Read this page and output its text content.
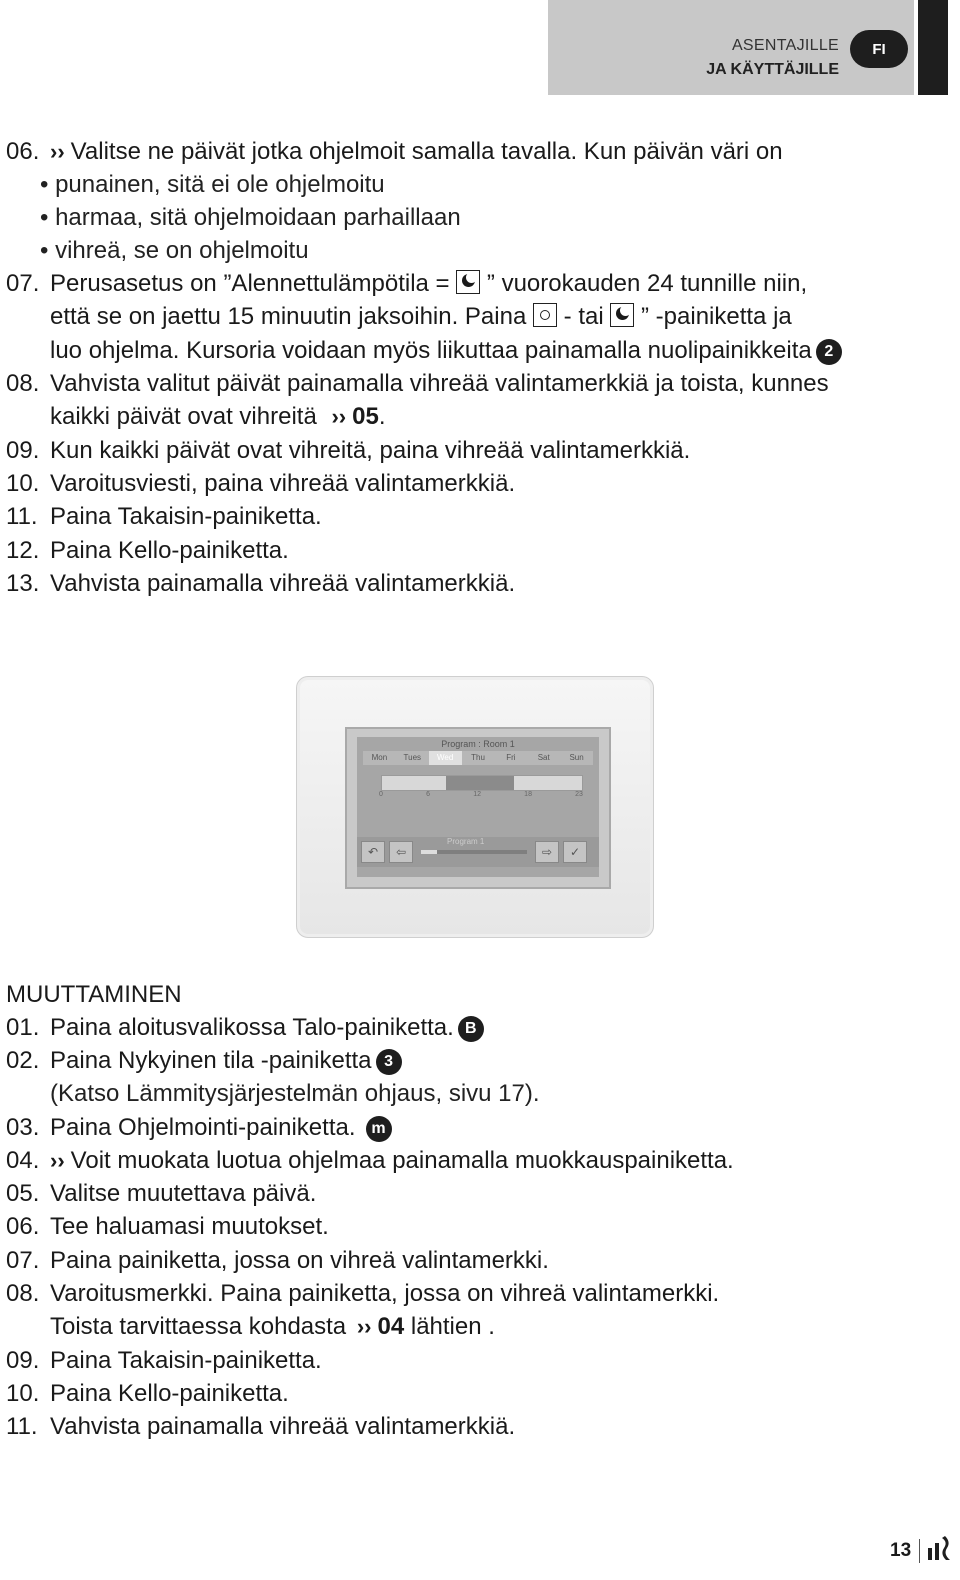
ASENTAJILLE
JA KÄYTTÄJILLE
FI
06. ›› Valitse ne päivät jotka ohjelmoit samalla tavalla. Kun päivän väri on
• punainen, sitä ei ole ohjelmoitu
• harmaa, sitä ohjelmoidaan parhaillaan
• vihreä, se on ohjelmoitu
07. Perusasetus on ”Alennettulämpötila = ” vuorokauden 24 tunnille niin,
että se on jaettu 15 minuutin jaksoihin. Paina - tai ” -painiketta ja
luo ohjelma. Kursoria voidaan myös liikuttaa painamalla nuolipainikkeita 2
08. Vahvista valitut päivät painamalla vihreää valintamerkkiä ja toista, kunnes
kaikki päivät ovat vihreitä ›› 05.
09. Kun kaikki päivät ovat vihreitä, paina vihreää valintamerkkiä.
10. Varoitusviesti, paina vihreää valintamerkkiä.
11. Paina Takaisin-painiketta.
12. Paina Kello-painiketta.
13. Vahvista painamalla vihreää valintamerkkiä.
Program : Room 1
Mon	Tues	Wed	Thu	Fri	Sat	Sun
0	6	12	18	23
↶	⇦
Program 1
⇨	✓
MUUTTAMINEN
01. Paina aloitusvalikossa Talo-painiketta. B
02. Paina Nykyinen tila -painiketta 3
(Katso Lämmitysjärjestelmän ohjaus, sivu 17).
03. Paina Ohjelmointi-painiketta. m
04. ›› Voit muokata luotua ohjelmaa painamalla muokkauspainiketta.
05. Valitse muutettava päivä.
06. Tee haluamasi muutokset.
07. Paina painiketta, jossa on vihreä valintamerkki.
08. Varoitusmerkki. Paina painiketta, jossa on vihreä valintamerkki.
Toista tarvittaessa kohdasta ›› 04 lähtien .
09. Paina Takaisin-painiketta.
10. Paina Kello-painiketta.
11. Vahvista painamalla vihreää valintamerkkiä.
13
